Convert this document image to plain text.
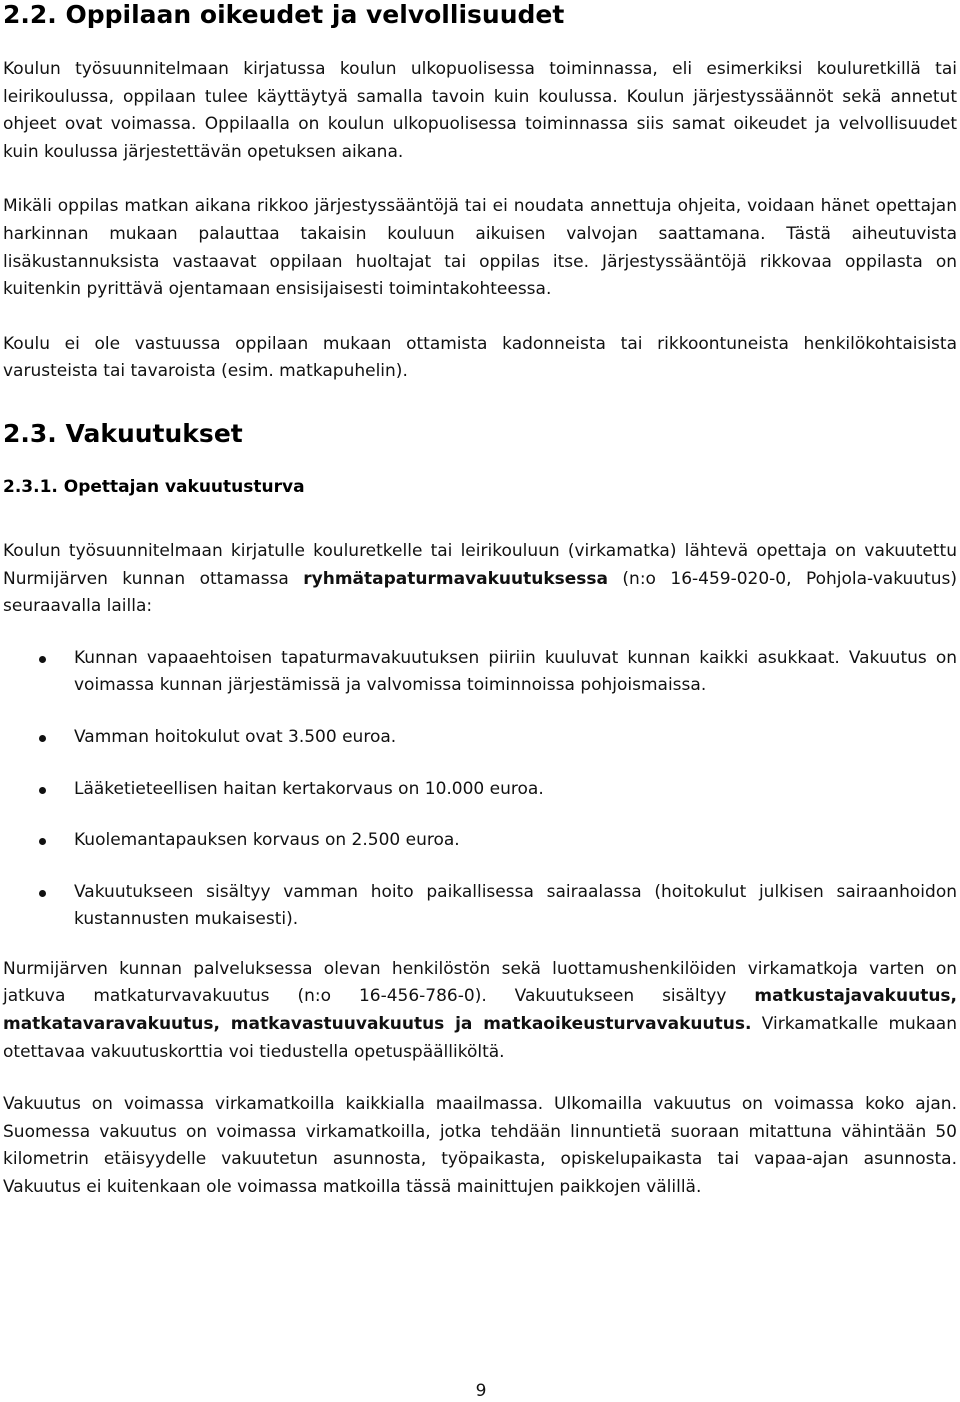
2.2. Oppilaan oikeudet ja velvollisuudet

Koulun työsuunnitelmaan kirjatussa koulun ulkopuolisessa toiminnassa, eli esimerkiksi kouluretkillä tai leirikoulussa, oppilaan tulee käyttäytyä samalla tavoin kuin koulussa. Koulun järjestyssäännöt sekä annetut ohjeet ovat voimassa. Oppilaalla on koulun ulkopuolisessa toiminnassa siis samat oikeudet ja velvollisuudet kuin koulussa järjestettävän opetuksen aikana.

Mikäli oppilas matkan aikana rikkoo järjestyssääntöjä tai ei noudata annettuja ohjeita, voidaan hänet opettajan harkinnan mukaan palauttaa takaisin kouluun aikuisen valvojan saattamana. Tästä aiheutuvista lisäkustannuksista vastaavat oppilaan huoltajat tai oppilas itse. Järjestyssääntöjä rikkovaa oppilasta on kuitenkin pyrittävä ojentamaan ensisijaisesti toimintakohteessa.

Koulu ei ole vastuussa oppilaan mukaan ottamista kadonneista tai rikkoontuneista henkilökohtaisista varusteista tai tavaroista (esim. matkapuhelin).

2.3. Vakuutukset
2.3.1. Opettajan vakuutusturva

Koulun työsuunnitelmaan kirjatulle kouluretkelle tai leirikouluun (virkamatka) lähtevä opettaja on vakuutettu Nurmijärven kunnan ottamassa ryhmätapaturmavakuutuksessa (n:o 16-459-020-0, Pohjola-vakuutus) seuraavalla lailla:

Kunnan vapaaehtoisen tapaturmavakuutuksen piiriin kuuluvat kunnan kaikki asukkaat. Vakuutus on voimassa kunnan järjestämissä ja valvomissa toiminnoissa pohjoismaissa.
Vamman hoitokulut ovat 3.500 euroa.
Lääketieteellisen haitan kertakorvaus on 10.000 euroa.
Kuolemantapauksen korvaus on 2.500 euroa.
Vakuutukseen sisältyy vamman hoito paikallisessa sairaalassa (hoitokulut julkisen sairaanhoidon kustannusten mukaisesti).

Nurmijärven kunnan palveluksessa olevan henkilöstön sekä luottamushenkilöiden virkamatkoja varten on jatkuva matkaturvavakuutus (n:o 16-456-786-0). Vakuutukseen sisältyy matkustajavakuutus, matkatavaravakuutus, matkavastuuvakuutus ja matkaoikeusturvavakuutus. Virkamatkalle mukaan otettavaa vakuutuskorttia voi tiedustella opetuspäälliköltä.

Vakuutus on voimassa virkamatkoilla kaikkialla maailmassa. Ulkomailla vakuutus on voimassa koko ajan. Suomessa vakuutus on voimassa virkamatkoilla, jotka tehdään linnuntietä suoraan mitattuna vähintään 50 kilometrin etäisyydelle vakuutetun asunnosta, työpaikasta, opiskelupaikasta tai vapaa-ajan asunnosta. Vakuutus ei kuitenkaan ole voimassa matkoilla tässä mainittujen paikkojen välillä.

9
